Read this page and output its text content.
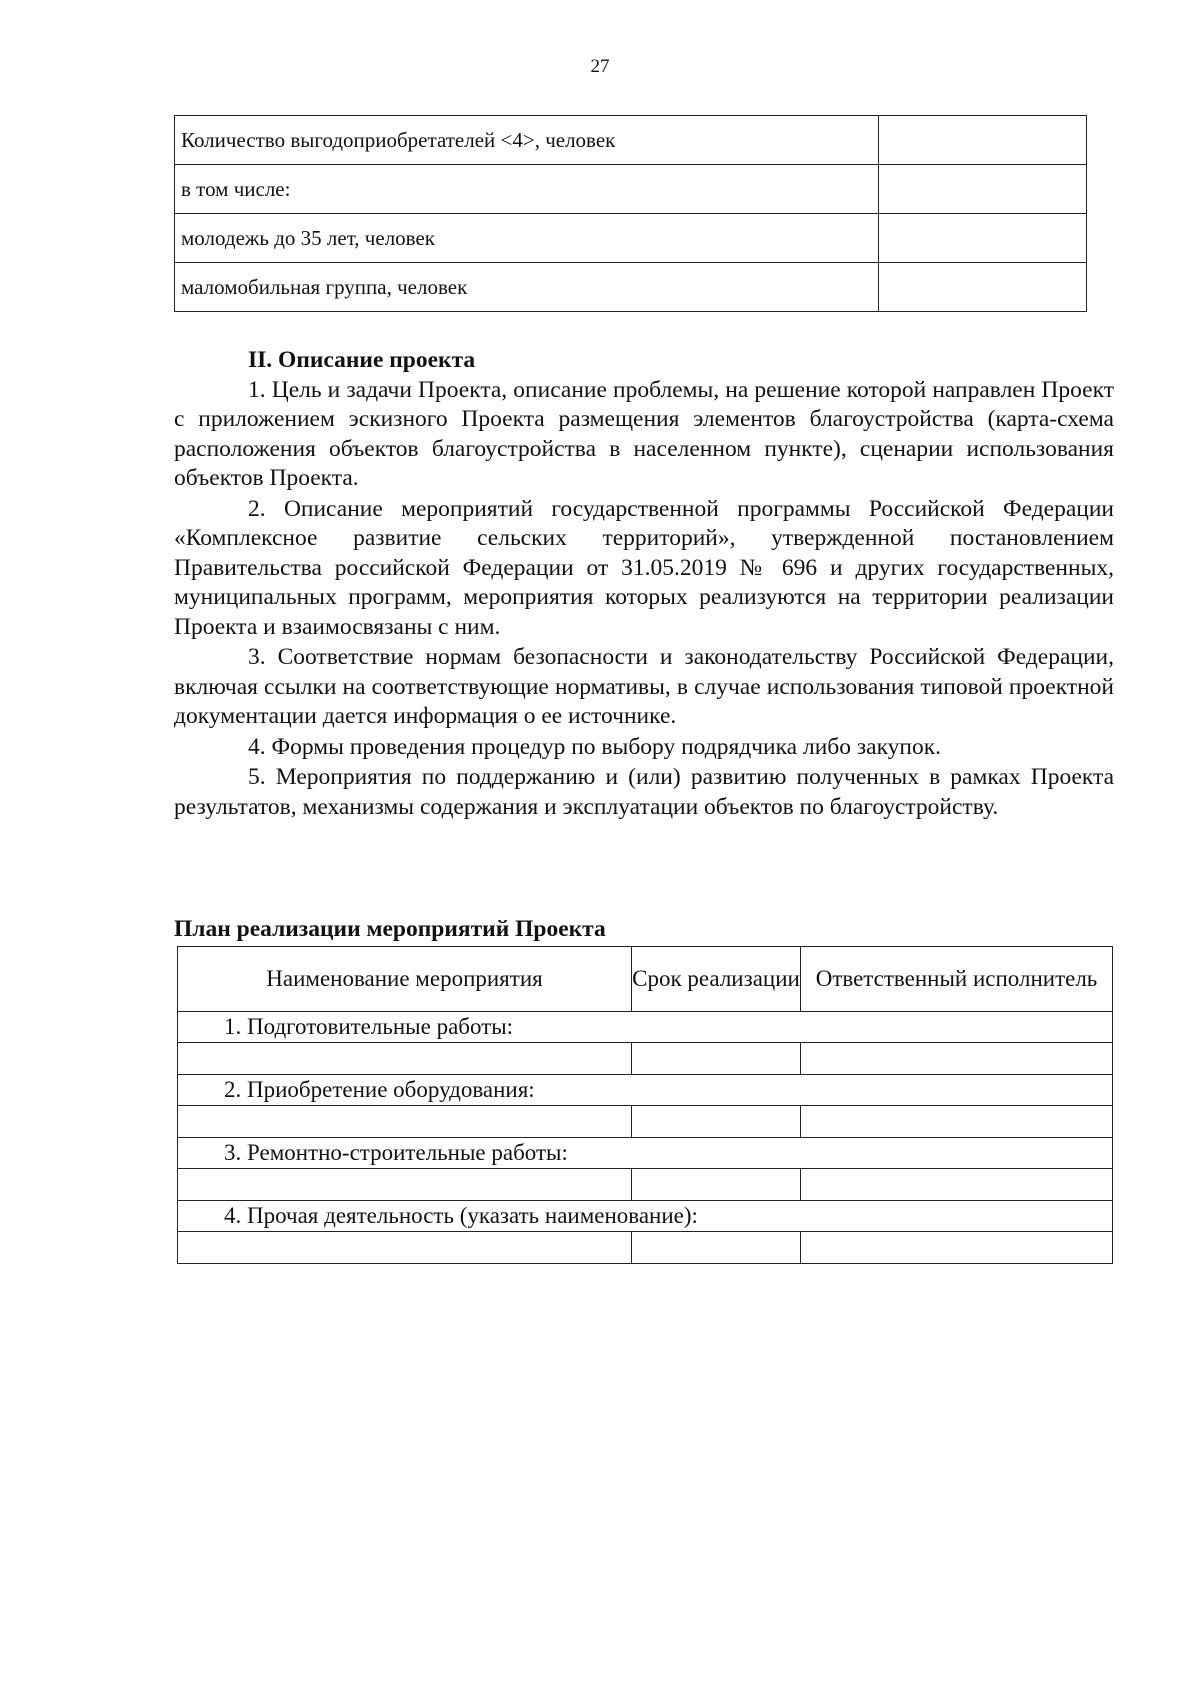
27
Количество выгодоприобретателей <4>, человек	
в том числе:	
молодежь до 35 лет, человек	
маломобильная группа, человек	

II. Описание проекта

1. Цель и задачи Проекта, описание проблемы, на решение которой направлен Проект с приложением эскизного Проекта размещения элементов благоустройства (карта-схема расположения объектов благоустройства в населенном пункте), сценарии использования объектов Проекта.

2. Описание мероприятий государственной программы Российской Федерации «Комплексное развитие сельских территорий», утвержденной постановлением Правительства российской Федерации от 31.05.2019 № 696 и других государственных, муниципальных программ, мероприятия которых реализуются на территории реализации Проекта и взаимосвязаны с ним.

3. Соответствие нормам безопасности и законодательству Российской Федерации, включая ссылки на соответствующие нормативы, в случае использования типовой проектной документации дается информация о ее источнике.

4. Формы проведения процедур по выбору подрядчика либо закупок.

5. Мероприятия по поддержанию и (или) развитию полученных в рамках Проекта результатов, механизмы содержания и эксплуатации объектов по благоустройству.

План реализации мероприятий Проекта

Наименование мероприятия	Срок реализации	Ответственный исполнитель
1. Подготовительные работы:		

2. Приобретение оборудования:		

3. Ремонтно-строительные работы:		

4. Прочая деятельность (указать наименование):		
